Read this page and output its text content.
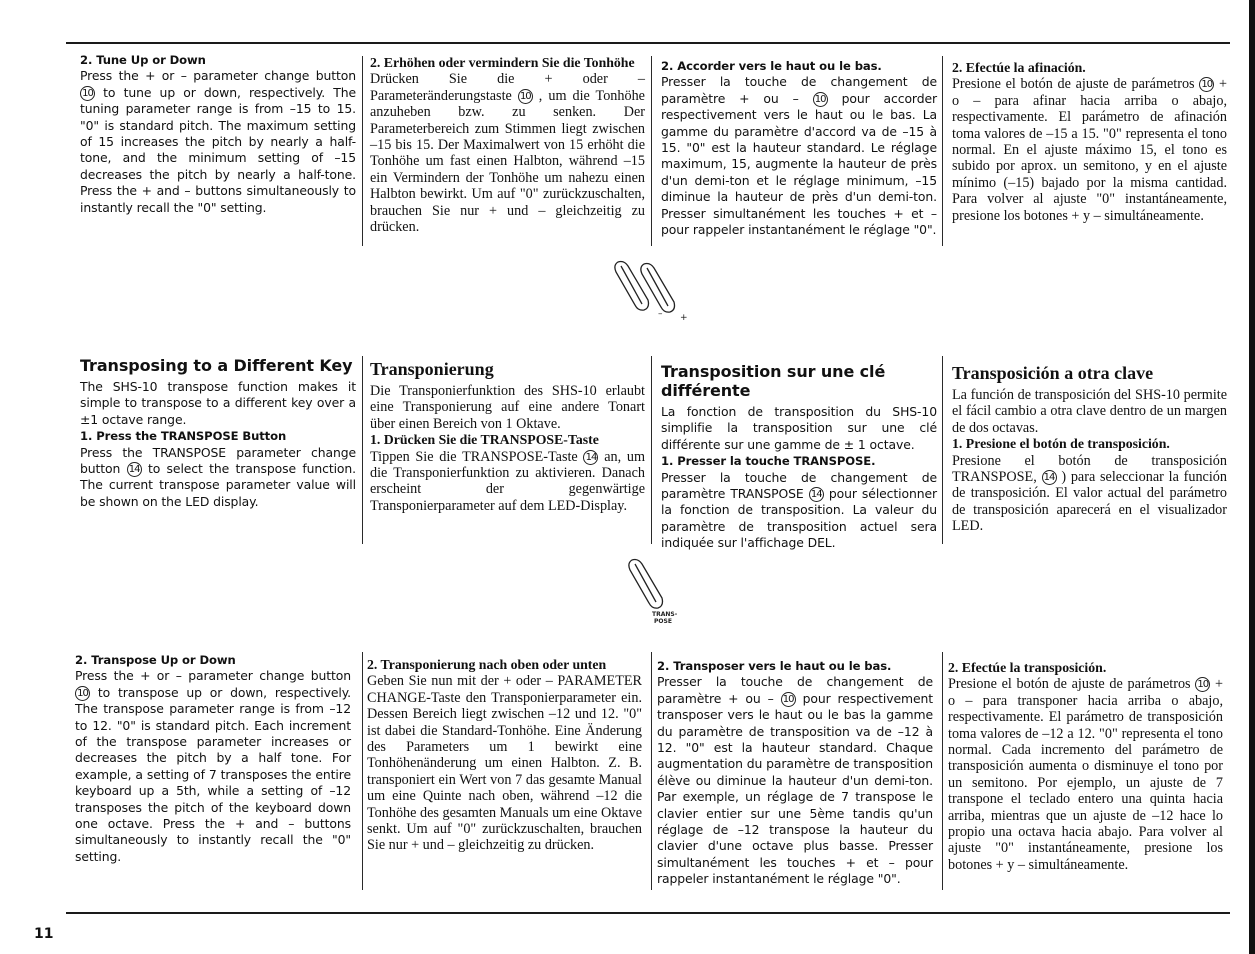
2. Tune Up or Down

Press the + or – parameter change button 10 to tune up or down, respectively. The tuning parameter range is from –15 to 15. "0" is standard pitch. The maximum setting of 15 increases the pitch by nearly a half-tone, and the minimum setting of –15 decreases the pitch by nearly a half-tone. Press the + and – buttons simultaneously to instantly recall the "0" setting.

2. Erhöhen oder vermindern Sie die Tonhöhe

Drücken Sie die + oder – Parameteränderungstaste 10 , um die Tonhöhe anzuheben bzw. zu senken. Der Parameterbereich zum Stimmen liegt zwischen –15 bis 15. Der Maximalwert von 15 erhöht die Tonhöhe um fast einen Halbton, während –15 ein Vermindern der Tonhöhe um nahezu einen Halbton bewirkt. Um auf "0" zurückzuschalten, brauchen Sie nur + und – gleichzeitig zu drücken.

2. Accorder vers le haut ou le bas.

Presser la touche de changement de paramètre + ou – 10 pour accorder respectivement vers le haut ou le bas. La gamme du paramètre d'accord va de –15 à 15. "0" est la hauteur standard. Le réglage maximum, 15, augmente la hauteur de près d'un demi-ton et le réglage minimum, –15 diminue la hauteur de près d'un demi-ton. Presser simultanément les touches + et – pour rappeler instantanément le réglage "0".

2. Efectúe la afinación.

Presione el botón de ajuste de parámetros 10 + o – para afinar hacia arriba o abajo, respectivamente. El parámetro de afinación toma valores de –15 a 15. "0" representa el tono normal. En el ajuste máximo 15, el tono es subido por aprox. un semitono, y en el ajuste mínimo (–15) bajado por la misma cantidad. Para volver al ajuste "0" instantáneamente, presione los botones + y – simultáneamente.

– +
Transposing to a Different Key

The SHS-10 transpose function makes it simple to transpose to a different key over a ±1 octave range.

1. Press the TRANSPOSE Button

Press the TRANSPOSE parameter change button 14 to select the transpose function. The current transpose parameter value will be shown on the LED display.

Transponierung

Die Transponierfunktion des SHS-10 erlaubt eine Transponierung auf eine andere Tonart über einen Bereich von 1 Oktave.

1. Drücken Sie die TRANSPOSE-Taste

Tippen Sie die TRANSPOSE-Taste 14 an, um die Transponierfunktion zu aktivieren. Danach erscheint der gegenwärtige Transponierparameter auf dem LED-Display.

Transposition sur une clé différente

La fonction de transposition du SHS-10 simplifie la transposition sur une clé différente sur une gamme de ± 1 octave.

1. Presser la touche TRANSPOSE.

Presser la touche de changement de paramètre TRANSPOSE 14 pour sélectionner la fonction de transposition. La valeur du paramètre de transposition actuel sera indiquée sur l'affichage DEL.

Transposición a otra clave

La función de transposición del SHS-10 permite el fácil cambio a otra clave dentro de un margen de dos octavas.

1. Presione el botón de transposición.

Presione el botón de transposición TRANSPOSE, 14 ) para seleccionar la función de transposición. El valor actual del parámetro de transposición aparecerá en el visualizador LED.

TRANS-
POSE

2. Transpose Up or Down

Press the + or – parameter change button 10 to transpose up or down, respectively. The transpose parameter range is from –12 to 12. "0" is standard pitch. Each increment of the transpose parameter increases or decreases the pitch by a half tone. For example, a setting of 7 transposes the entire keyboard up a 5th, while a setting of –12 transposes the pitch of the keyboard down one octave. Press the + and – buttons simultaneously to instantly recall the "0" setting.

2. Transponierung nach oben oder unten

Geben Sie nun mit der + oder – PARAMETER CHANGE-Taste den Transponierparameter ein. Dessen Bereich liegt zwischen –12 und 12. "0" ist dabei die Standard-Tonhöhe. Eine Änderung des Parameters um 1 bewirkt eine Tonhöhenänderung um einen Halbton. Z. B. transponiert ein Wert von 7 das gesamte Manual um eine Quinte nach oben, während –12 die Tonhöhe des gesamten Manuals um eine Oktave senkt. Um auf "0" zurückzuschalten, brauchen Sie nur + und – gleichzeitig zu drücken.

2. Transposer vers le haut ou le bas.

Presser la touche de changement de paramètre + ou – 10 pour respectivement transposer vers le haut ou le bas la gamme du paramètre de transposition va de –12 à 12. "0" est la hauteur standard. Chaque augmentation du paramètre de transposition élève ou diminue la hauteur d'un demi-ton. Par exemple, un réglage de 7 transpose le clavier entier sur une 5ème tandis qu'un réglage de –12 transpose la hauteur du clavier d'une octave plus basse. Presser simultanément les touches + et – pour rappeler instantanément le réglage "0".

2. Efectúe la transposición.

Presione el botón de ajuste de parámetros 10 + o – para transponer hacia arriba o abajo, respectivamente. El parámetro de transposición toma valores de –12 a 12. "0" representa el tono normal. Cada incremento del parámetro de transposición aumenta o disminuye el tono por un semitono. Por ejemplo, un ajuste de 7 transpone el teclado entero una quinta hacia arriba, mientras que un ajuste de –12 hace lo propio una octava hacia abajo. Para volver al ajuste "0" instantáneamente, presione los botones + y – simultáneamente.

11
